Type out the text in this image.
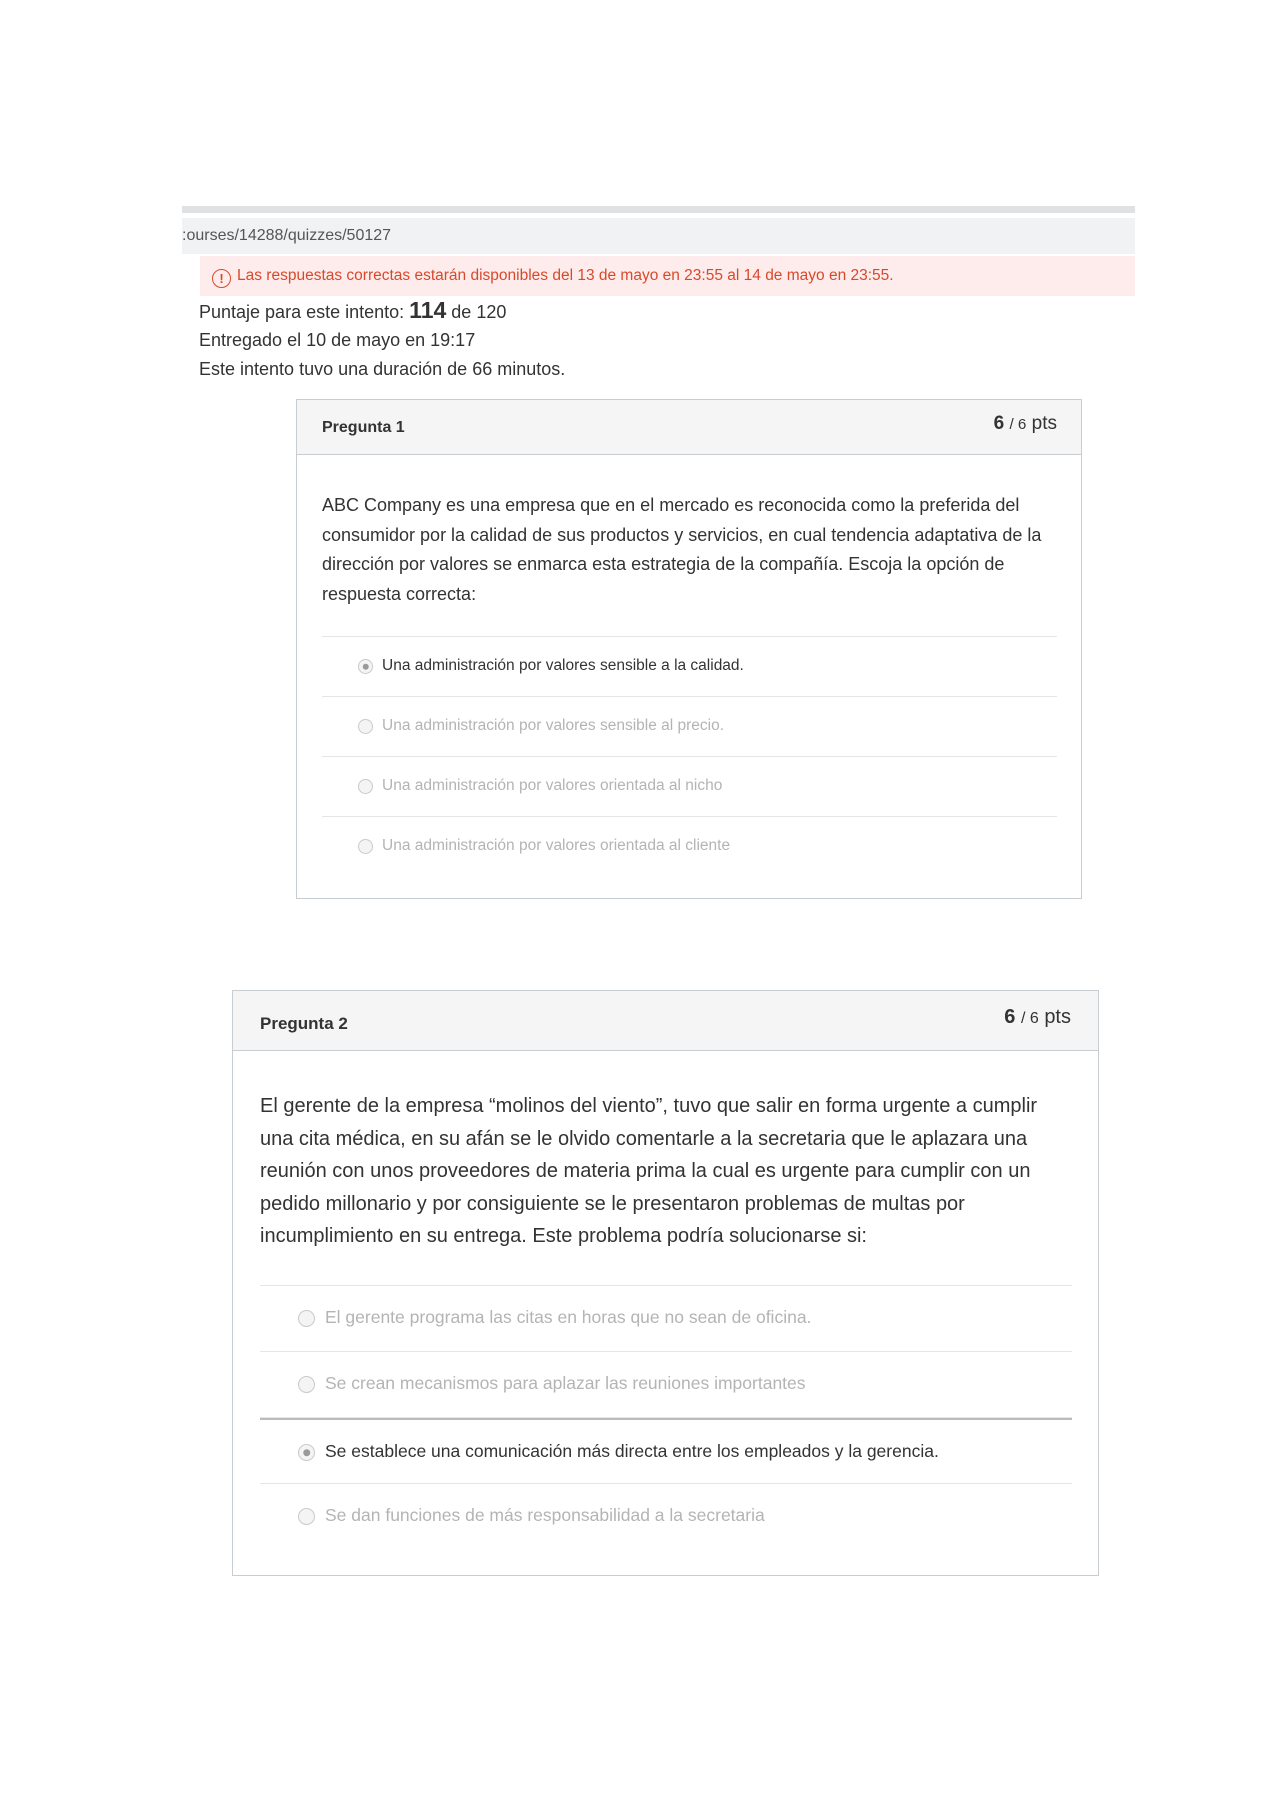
:ourses/14288/quizzes/50127
! Las respuestas correctas estarán disponibles del 13 de mayo en 23:55 al 14 de mayo en 23:55.
Puntaje para este intento: 114 de 120
Entregado el 10 de mayo en 19:17
Este intento tuvo una duración de 66 minutos.
Pregunta 1	6 / 6 pts
ABC Company es una empresa que en el mercado es reconocida como la preferida del consumidor por la calidad de sus productos y servicios, en cual tendencia adaptativa de la dirección por valores se enmarca esta estrategia de la compañía. Escoja la opción de respuesta correcta:
Una administración por valores sensible a la calidad.
Una administración por valores sensible al precio.
Una administración por valores orientada al nicho
Una administración por valores orientada al cliente
Pregunta 2	6 / 6 pts
El gerente de la empresa “molinos del viento”, tuvo que salir en forma urgente a cumplir una cita médica, en su afán se le olvido comentarle a la secretaria que le aplazara una reunión con unos proveedores de materia prima la cual es urgente para cumplir con un pedido millonario y por consiguiente se le presentaron problemas de multas por incumplimiento en su entrega. Este problema podría solucionarse si:
El gerente programa las citas en horas que no sean de oficina.
Se crean mecanismos para aplazar las reuniones importantes
Se establece una comunicación más directa entre los empleados y la gerencia.
Se dan funciones de más responsabilidad a la secretaria
